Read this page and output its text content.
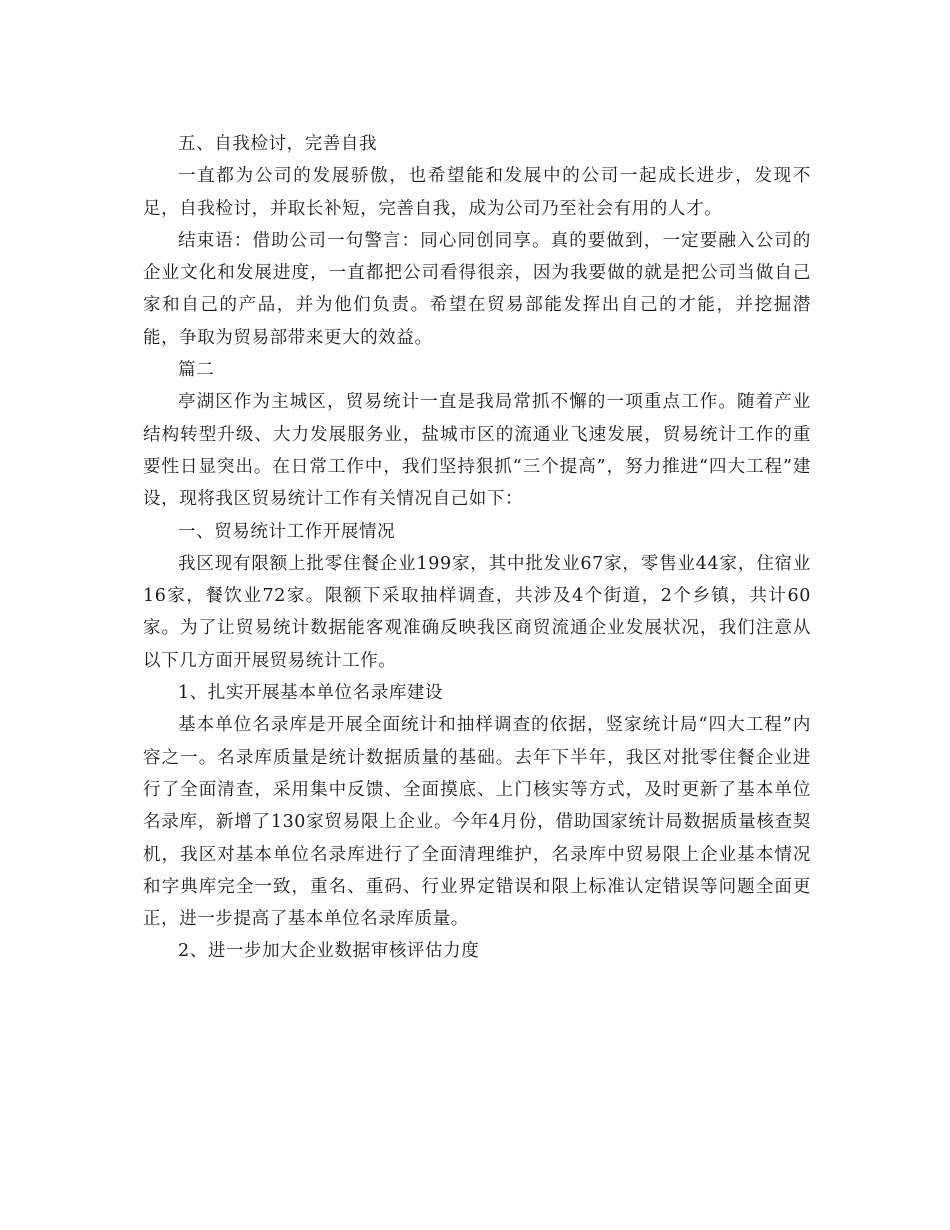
五、自我检讨，完善自我

一直都为公司的发展骄傲，也希望能和发展中的公司一起成长进步，发现不足，自我检讨，并取长补短，完善自我，成为公司乃至社会有用的人才。

结束语：借助公司一句警言：同心同创同享。真的要做到，一定要融入公司的企业文化和发展进度，一直都把公司看得很亲，因为我要做的就是把公司当做自己家和自己的产品，并为他们负责。希望在贸易部能发挥出自己的才能，并挖掘潜能，争取为贸易部带来更大的效益。

篇二

亭湖区作为主城区，贸易统计一直是我局常抓不懈的一项重点工作。随着产业结构转型升级、大力发展服务业，盐城市区的流通业飞速发展，贸易统计工作的重要性日显突出。在日常工作中，我们坚持狠抓“三个提高”，努力推进“四大工程”建设，现将我区贸易统计工作有关情况自己如下：

一、贸易统计工作开展情况

我区现有限额上批零住餐企业199家，其中批发业67家，零售业44家，住宿业16家，餐饮业72家。限额下采取抽样调查，共涉及4个街道，2个乡镇，共计60家。为了让贸易统计数据能客观准确反映我区商贸流通企业发展状况，我们注意从以下几方面开展贸易统计工作。

1、扎实开展基本单位名录库建设

基本单位名录库是开展全面统计和抽样调查的依据，竖家统计局“四大工程”内容之一。名录库质量是统计数据质量的基础。去年下半年，我区对批零住餐企业进行了全面清查，采用集中反馈、全面摸底、上门核实等方式，及时更新了基本单位名录库，新增了130家贸易限上企业。今年4月份，借助国家统计局数据质量核查契机，我区对基本单位名录库进行了全面清理维护，名录库中贸易限上企业基本情况和字典库完全一致，重名、重码、行业界定错误和限上标准认定错误等问题全面更正，进一步提高了基本单位名录库质量。

2、进一步加大企业数据审核评估力度
